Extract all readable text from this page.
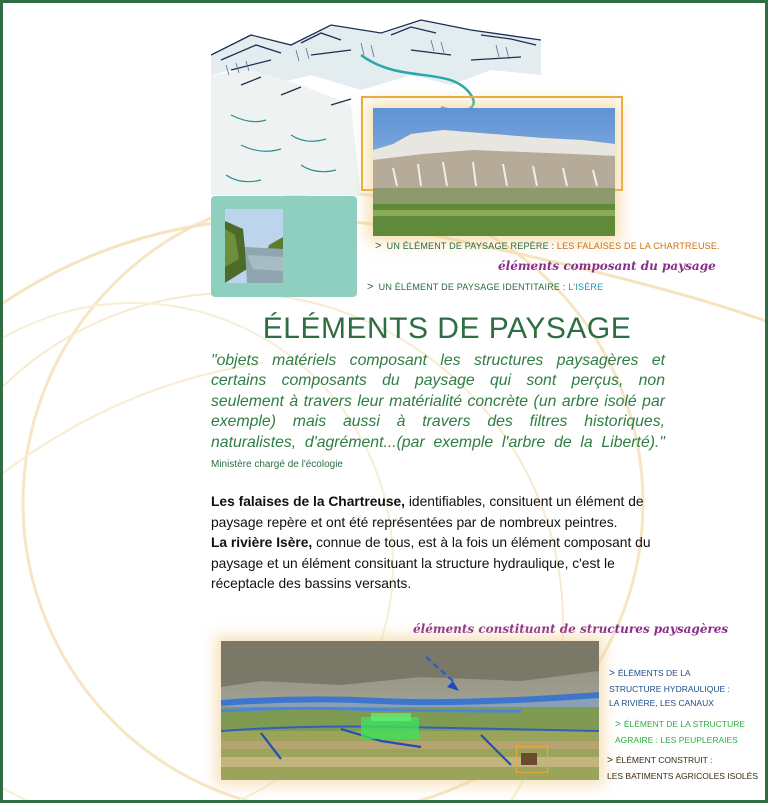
> UN ÉLÉMENT DE PAYSAGE REPÈRE : LES FALAISES DE LA CHARTREUSE.
éléments composant du paysage
> UN ÉLÉMENT DE PAYSAGE IDENTITAIRE : L'ISÈRE
ÉLÉMENTS DE PAYSAGE
"objets matériels composant les structures paysagères et certains composants du paysage qui sont perçus, non seulement à travers leur matérialité concrète (un arbre isolé par exemple) mais aussi à travers des filtres historiques, naturalistes, d'agrément...(par exemple l'arbre de la Liberté)." Ministère chargé de l'écologie
Les falaises de la Chartreuse, identifiables, consituent un élément de paysage repère et ont été représentées par de nombreux peintres.
La rivière Isère, connue de tous, est à la fois un élément composant du paysage et un élément consituant la structure hydraulique, c'est le réceptacle des bassins versants.
éléments constituant de structures paysagères
> ÉLÉMENTS DE LA
STRUCTURE HYDRAULIQUE :
LA RIVIÈRE, LES CANAUX
> ÉLÉMENT DE LA STRUCTURE
AGRAIRE : LES PEUPLERAIES
> ÉLÉMENT CONSTRUIT :
LES BATIMENTS AGRICOLES ISOLÉS
